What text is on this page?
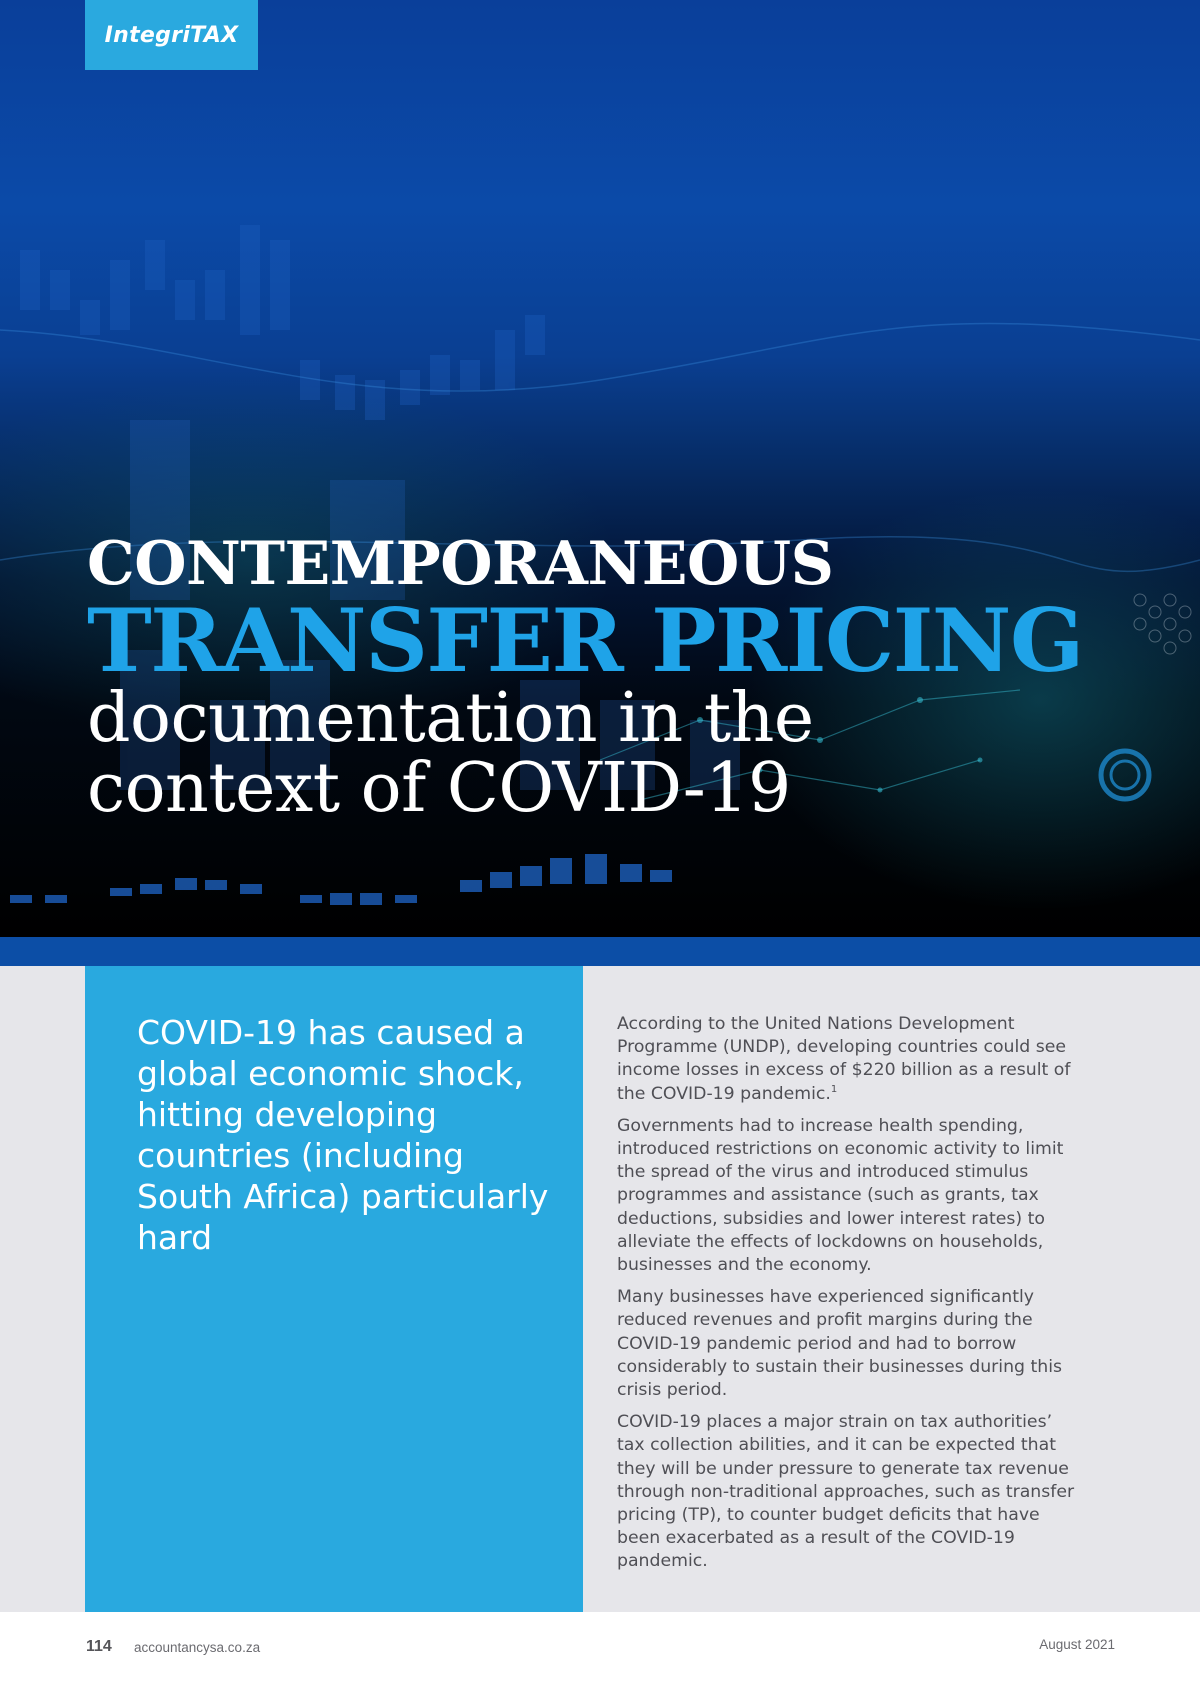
IntegriTAX
CONTEMPORANEOUS
TRANSFER PRICING
documentation in the context of COVID-19

COVID-19 has caused a global economic shock, hitting developing countries (including South Africa) particularly hard

According to the United Nations Development Programme (UNDP), developing countries could see income losses in excess of $220 billion as a result of the COVID-19 pandemic.$^1$

Governments had to increase health spending, introduced restrictions on economic activity to limit the spread of the virus and introduced stimulus programmes and assistance (such as grants, tax deductions, subsidies and lower interest rates) to alleviate the effects of lockdowns on households, businesses and the economy.

Many businesses have experienced significantly reduced revenues and profit margins during the COVID-19 pandemic period and had to borrow considerably to sustain their businesses during this crisis period.

COVID-19 places a major strain on tax authorities’ tax collection abilities, and it can be expected that they will be under pressure to generate tax revenue through non-traditional approaches, such as transfer pricing (TP), to counter budget deficits that have been exacerbated as a result of the COVID-19 pandemic.

114 accountancysa.co.za	August 2021
